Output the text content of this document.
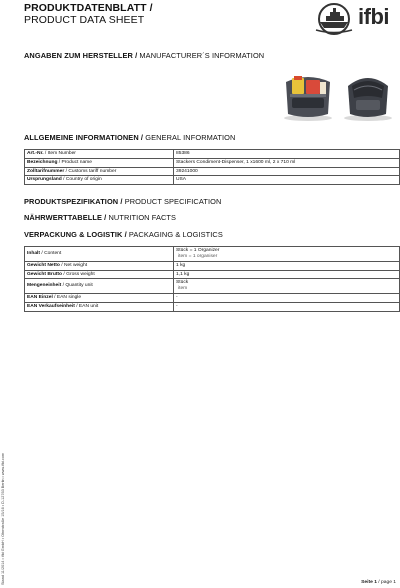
PRODUKTDATENBLATT /
PRODUCT DATA SHEET	ifbi
ANGABEN ZUM HERSTELLER / MANUFACTURER´S INFORMATION
ALLGEMEINE INFORMATIONEN / GENERAL INFORMATION
Art.-Nr. / Item Number	85386
Bezeichnung / Product name	Stackers Condiment-Dispenser, 1 x1600 ml, 2 x 710 ml
Zolltarifnummer / Customs tariff number	39241000
Ursprungsland / Country of origin	USA
PRODUKTSPEZIFIKATION / PRODUCT SPECIFICATION
NÄHRWERTTABELLE / NUTRITION FACTS
VERPACKUNG & LOGISTIK / PACKAGING & LOGISTICS
Inhalt / Content	Stück = 1 Organizer
item = 1 organiser

Gewicht Netto / Net weight	1 kg
Gewicht Brutto / Gross weight	1,1 kg
Mengeneinheit / Quantity unit	Stück
item

EAN Einzel / EAN single	-
EAN Verkaufseinheit / EAN unit	-
Stand 11/2014 • ifbi GmbH • Ohmstraße 15/16 • D-12763 Berlin • www.ifbi.com	Seite 1 / page 1
